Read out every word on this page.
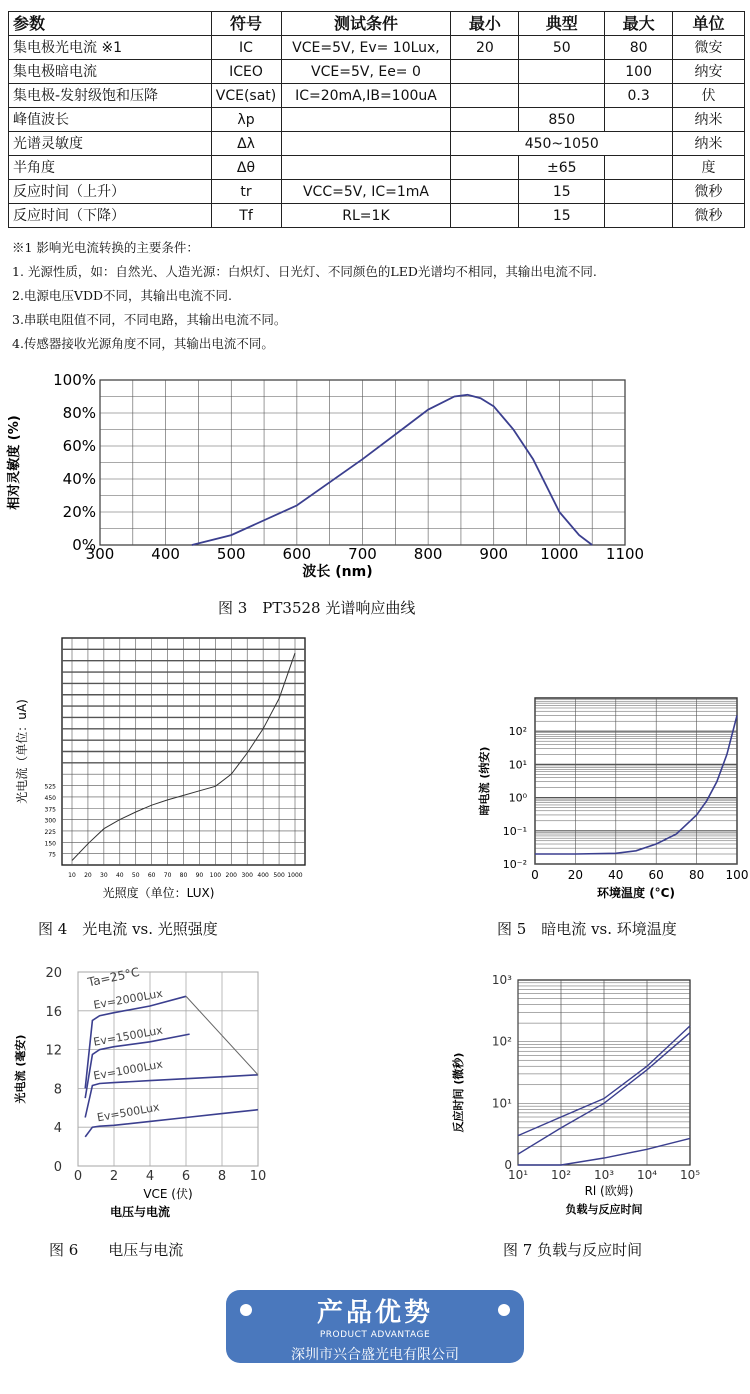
参数	符号	测试条件	最小	典型	最大	单位
集电极光电流 ※1	IC	VCE=5V, Ev= 10Lux,	20	50	80	微安
集电极暗电流	ICEO	VCE=5V, Ee= 0			100	纳安
集电极-发射级饱和压降	VCE(sat)	IC=20mA,IB=100uA			0.3	伏
峰值波长	λp			850		纳米
光谱灵敏度	Δλ		450~1050			纳米
半角度	Δθ			±65		度
反应时间（上升）	tr	VCC=5V, IC=1mA		15		微秒
反应时间（下降）	Tf	RL=1K		15		微秒
※1 影响光电流转换的主要条件：
1. 光源性质，如：自然光、人造光源：白炽灯、日光灯、不同颜色的LED光谱均不相同，其输出电流不同.
2.电源电压VDD不同，其输出电流不同.
3.串联电阻值不同，不同电路，其输出电流不同。
4.传感器接收光源角度不同，其输出电流不同。
300 400 500 600 700 800 900 1000 1100
0%
20%
40%
60%
80%
100%
波长 (nm)
相对灵敏度 (%)
图 3　PT3528 光谱响应曲线
10 20 30 40 50 60 70 80 90 100 200 300 400 500 1000
75
150
225
300
375
450
525
光照度（单位：LUX)
光电流（单位：uA)
图 4　光电流 vs. 光照强度
0 20 40 60 80 100
10⁻²
10⁻¹
10⁰
10¹
10²
环境温度 (°C)
暗电流 (纳安)
图 5　暗电流 vs. 环境温度
0 2 4 6 8 10
0
4
8
12
16
20
VCE (伏)
电压与电流
光电流 (毫安)
Ta=25°C
Ev=2000Lux
Ev=1500Lux
Ev=1000Lux
Ev=500Lux
图 6　　电压与电流
10¹ 10² 10³ 10⁴ 10⁵
0
10¹
10²
10³
Rl (欧姆)
负载与反应时间
反应时间 (微秒)
图 7 负载与反应时间
产品优势
PRODUCT ADVANTAGE
深圳市兴合盛光电有限公司
